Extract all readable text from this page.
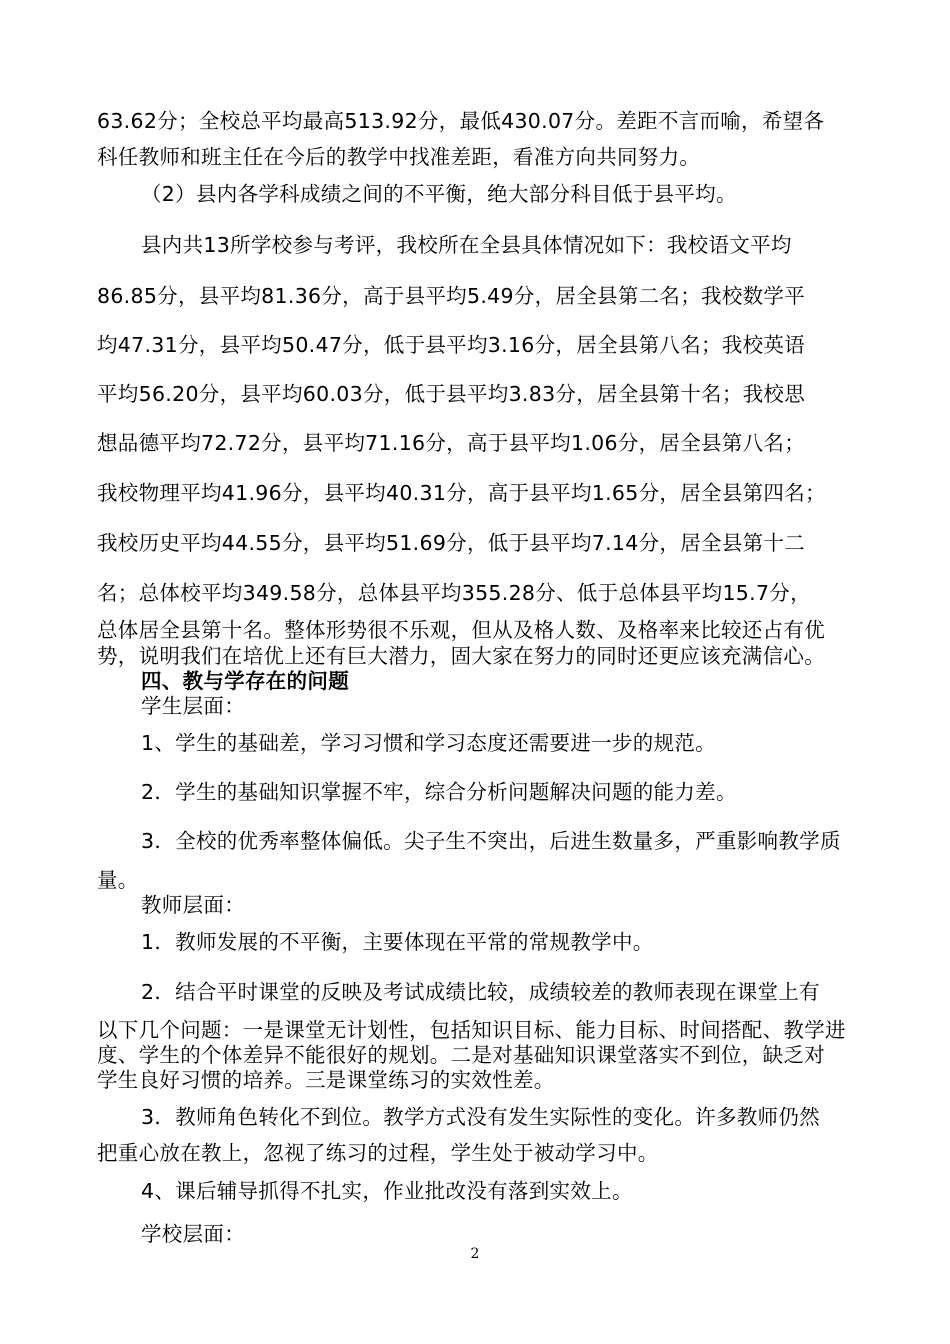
63.62分；全校总平均最高513.92分，最低430.07分。差距不言而喻，希望各
科任教师和班主任在今后的教学中找准差距，看准方向共同努力。
（2）县内各学科成绩之间的不平衡，绝大部分科目低于县平均。
县内共13所学校参与考评，我校所在全县具体情况如下：我校语文平均
86.85分，县平均81.36分，高于县平均5.49分，居全县第二名；我校数学平
均47.31分，县平均50.47分，低于县平均3.16分，居全县第八名；我校英语
平均56.20分，县平均60.03分，低于县平均3.83分，居全县第十名；我校思
想品德平均72.72分，县平均71.16分，高于县平均1.06分，居全县第八名；
我校物理平均41.96分，县平均40.31分，高于县平均1.65分，居全县第四名；
我校历史平均44.55分，县平均51.69分，低于县平均7.14分，居全县第十二
名；总体校平均349.58分，总体县平均355.28分、低于总体县平均15.7分，
总体居全县第十名。整体形势很不乐观，但从及格人数、及格率来比较还占有优
势，说明我们在培优上还有巨大潜力，固大家在努力的同时还更应该充满信心。
四、教与学存在的问题
学生层面：
1、学生的基础差，学习习惯和学习态度还需要进一步的规范。
2．学生的基础知识掌握不牢，综合分析问题解决问题的能力差。
3．全校的优秀率整体偏低。尖子生不突出，后进生数量多，严重影响教学质
量。
教师层面：
1．教师发展的不平衡，主要体现在平常的常规教学中。
2．结合平时课堂的反映及考试成绩比较，成绩较差的教师表现在课堂上有
以下几个问题：一是课堂无计划性，包括知识目标、能力目标、时间搭配、教学进
度、学生的个体差异不能很好的规划。二是对基础知识课堂落实不到位，缺乏对
学生良好习惯的培养。三是课堂练习的实效性差。
3．教师角色转化不到位。教学方式没有发生实际性的变化。许多教师仍然
把重心放在教上，忽视了练习的过程，学生处于被动学习中。
4、课后辅导抓得不扎实，作业批改没有落到实效上。
学校层面：
2
